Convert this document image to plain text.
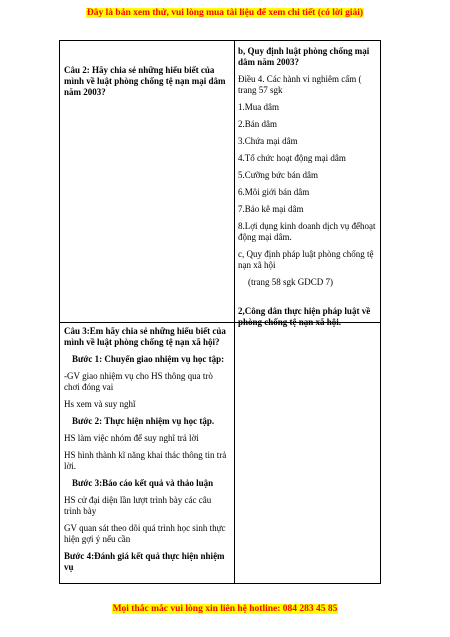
Đây là bản xem thử, vui lòng mua tài liệu để xem chi tiết (có lời giải)

Câu 2: Hãy chia sẻ những hiểu biết của mình về luật phòng chống tệ nạn mại dâm năm 2003?

b, Quy định luật phòng chống mại dâm năm 2003?

Điều 4. Các hành vi nghiêm cấm ( trang 57 sgk

1.Mua dâm

2.Bán dâm

3.Chứa mại dâm

4.Tổ chức hoạt động mại dâm

5.Cưỡng bức bán dâm

6.Môi giới bán dâm

7.Bảo kê mại dâm

8.Lợi dụng kinh doanh dịch vụ đểhoạt động mại dâm.

c, Quy định pháp luật phòng chống tệ nạn xã hội

(trang 58 sgk GDCD 7)

2,Công dân thực hiện pháp luật về phòng chống tệ nạn xã hội.

Câu 3:Em hãy chia sẻ những hiểu biết của mình về luật phòng chống tệ nạn xã hội?

Bước 1: Chuyển giao nhiệm vụ học tập:

-GV giao nhiệm vụ cho HS thông qua trò chơi đóng vai

Hs xem và suy nghĩ

Bước 2: Thực hiện nhiệm vụ học tập.

HS làm việc nhóm để suy nghĩ trả lời

HS hình thành kĩ năng khai thác thông tin trả lời.

Bước 3:Báo cáo kết quả và thảo luận

HS cử đại diện lần lượt trình bày các câu trình bày

GV quan sát theo dõi quá trình học sinh thực hiện gợi ý nếu cần

Bước 4:Đánh giá kết quả thực hiện nhiệm vụ

Mọi thắc mắc vui lòng xin liên hệ hotline: 084 283 45 85
